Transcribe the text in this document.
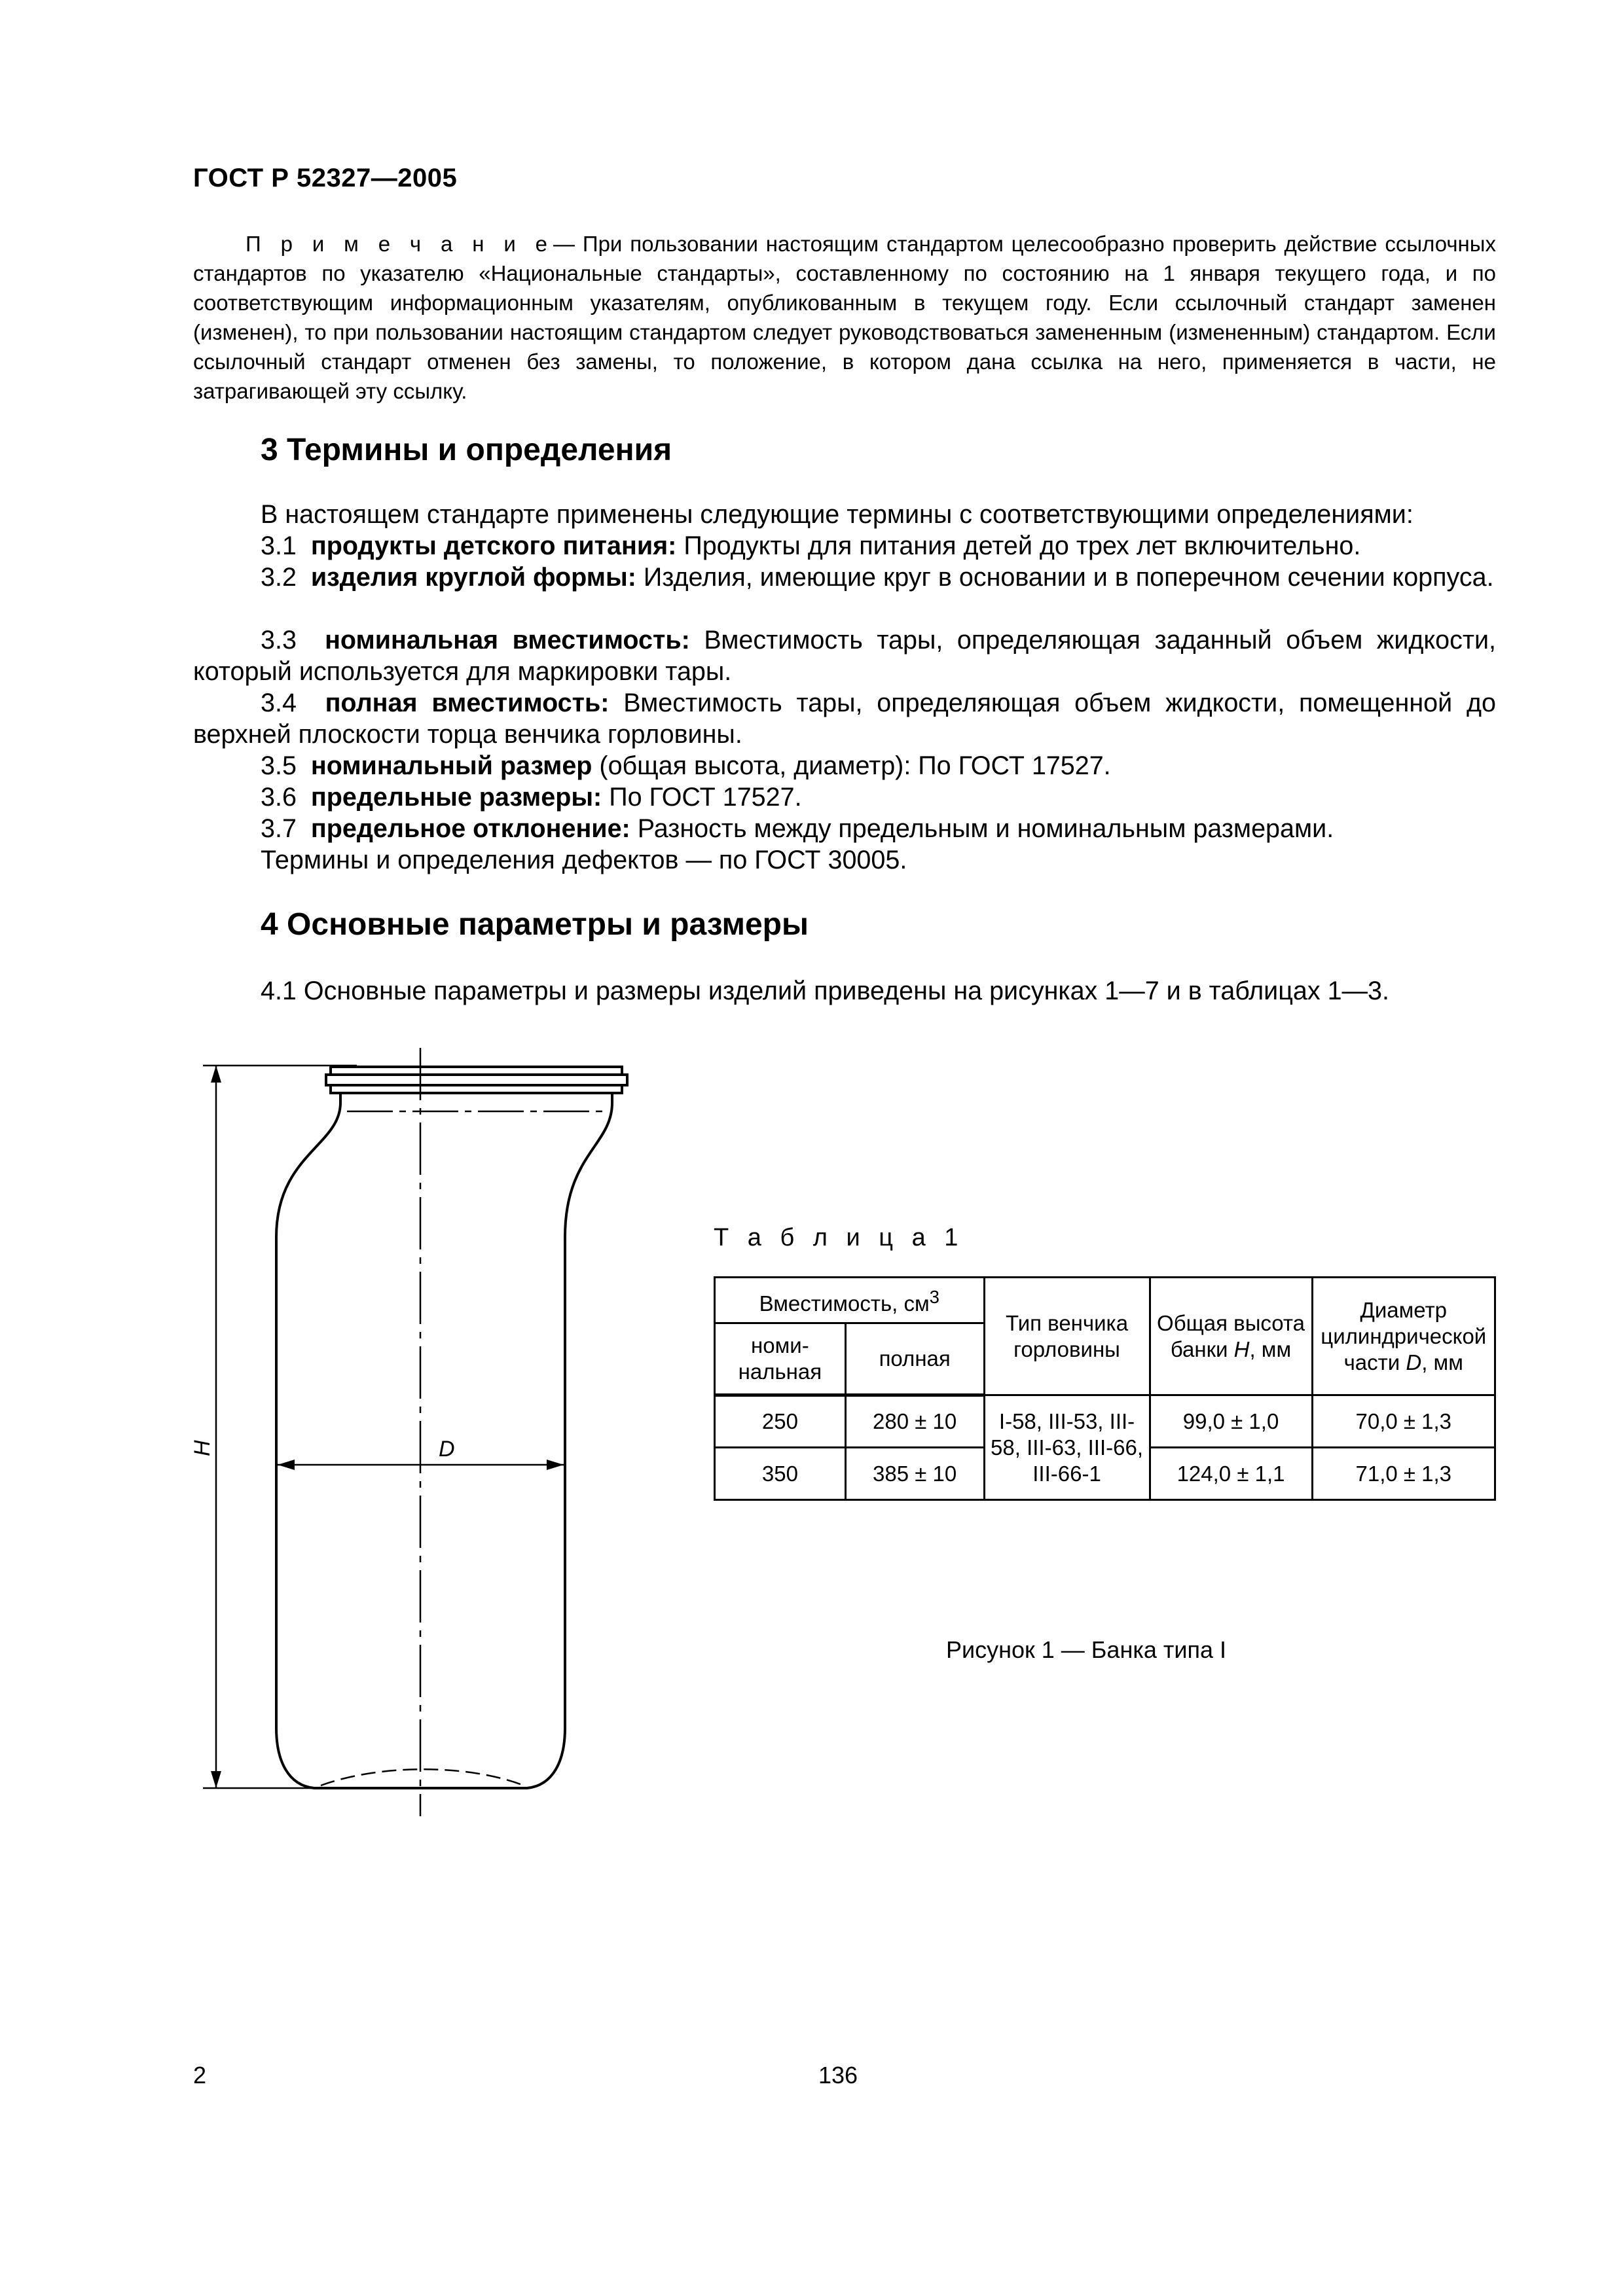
ГОСТ Р 52327—2005
П р и м е ч а н и е— При пользовании настоящим стандартом целесообразно проверить действие ссылочных стандартов по указателю «Национальные стандарты», составленному по состоянию на 1 января текущего года, и по соответствующим информационным указателям, опубликованным в текущем году. Если ссылочный стандарт заменен (изменен), то при пользовании настоящим стандартом следует руководствоваться замененным (измененным) стандартом. Если ссылочный стандарт отменен без замены, то положение, в котором дана ссылка на него, применяется в части, не затрагивающей эту ссылку.
3 Термины и определения
В настоящем стандарте применены следующие термины с соответствующими определениями:
3.1 продукты детского питания: Продукты для питания детей до трех лет включительно.
3.2 изделия круглой формы: Изделия, имеющие круг в основании и в поперечном сечении корпуса.
3.3 номинальная вместимость: Вместимость тары, определяющая заданный объем жидкости, который используется для маркировки тары.
3.4 полная вместимость: Вместимость тары, определяющая объем жидкости, помещенной до верхней плоскости торца венчика горловины.
3.5 номинальный размер (общая высота, диаметр): По ГОСТ 17527.
3.6 предельные размеры: По ГОСТ 17527.
3.7 предельное отклонение: Разность между предельным и номинальным размерами.
Термины и определения дефектов — по ГОСТ 30005.
4 Основные параметры и размеры
4.1 Основные параметры и размеры изделий приведены на рисунках 1—7 и в таблицах 1—3.
D
H
Т а б л и ц а 1
Вместимость, $см^3$		Тип венчика горловины	Общая высота банки H, мм	Диаметр цилиндрической части D, мм
номи-нальная	полная			
250	280 ± 10	I-58, III-53, III-58, III-63, III-66, III-66-1	99,0 ± 1,0	70,0 ± 1,3
350	385 ± 10		124,0 ± 1,1	71,0 ± 1,3
Рисунок 1 — Банка типа I
2	136
